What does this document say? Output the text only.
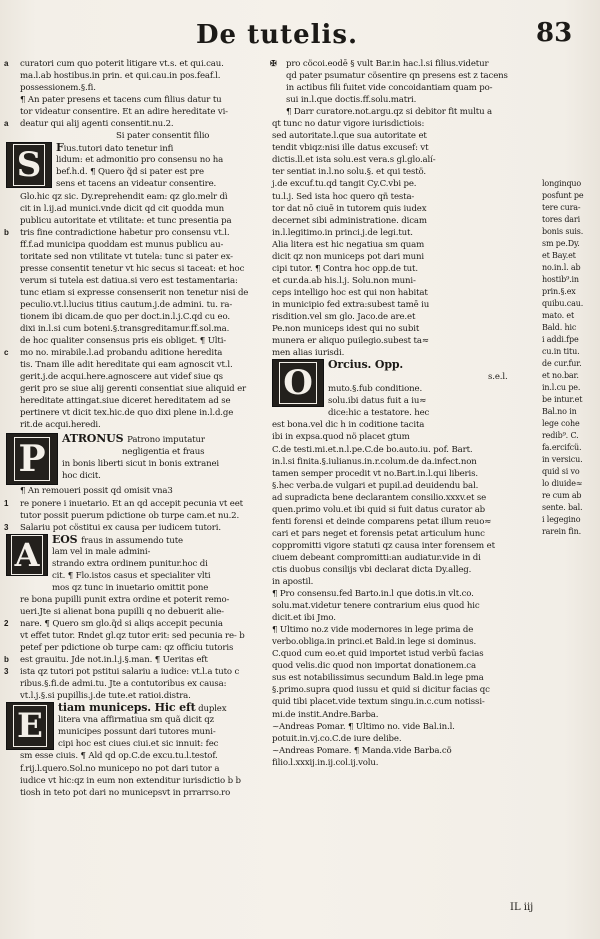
De tutelis.	83
a curatori cum quo poterit litigare vt.s. et qui.cau.
ma.l.ab hostibus.in prin. et qui.cau.in pos.feaf.l.
possessionem.§.fi.
¶ An pater presens et tacens cum filius datur tu
tor videatur consentire. Et an adire hereditate vi-
a deatur qui alij agenti consentit.nu.2.
Si pater consentit filio
S	Fius.tutori dato tenetur infi
lidum: et admonitio pro consensu no ha
bef.h.d. ¶ Quero q̃d si pater est pre
sens et tacens an videatur consentire.
Glo.hic qz sic. Dy.reprehendit eam: qz glo.melr dì
cit in l.ij.ad munici.vnde dicit qd cit quodda mun
publicu autoritate et vtilitate: et tunc presentia pa
b tris fine contradictione habetur pro consensu vt.l.
ff.f.ad municipa quoddam est munus publicu au-
toritate sed non vtilitate vt tutela: tunc si pater ex-
presse consentit tenetur vt hic secus si taceat: et hoc
verum si tutela est datiua.si vero est testamentaria:
tunc etiam si expresse consenserit non tenetur nisi de
peculio.vt.l.lucius titius cautum.j.de admini. tu. ra-
tionem ibi dicam.de quo per doct.in.l.j.C.qd cu eo.
dixi in.l.si cum boteni.§.transgreditamur.ff.sol.ma.
de hoc qualiter consensus pris eis obliget. ¶ Ulti-
c mo no. mirabile.l.ad probandu aditione heredita
tis. Tnam ille adit hereditate qui eam agnoscit vt.l.
gerit.j.de acqui.here.agnoscere aut videf siue qs
gerit pro se siue alij gerenti consentiat siue aliquid er
hereditate attingat.siue diceret hereditatem ad se
pertinere vt dicit tex.hic.de quo dixi plene in.l.d.ge
rit.de acqui.heredi.
P	ATRONUS Patrono imputatur
negligentia et fraus
in bonis liberti sicut in bonis extranei
hoc dicit.
¶ An remoueri possit qd omisit vna3
1 re ponere i inuetario. Et an qd accepit pecunia vt eet
tutor possit puerum pdictione ob turpe cam.et nu.2.
3 Salariu pot cöstitui ex causa per iudicem tutori.
A	EOS fraus in assumendo tute
lam vel in male admini-
strando extra ordinem punitur.hoc di
cit. ¶ Flo.istos casus et specialiter vlti
mos qz tunc in inuetario omittit pone
re bona pupilli punit extra ordine et poterit remo-
ueri.Jte si alienat bona pupilli q no debuerit alie-
2 nare. ¶ Quero sm glo.q̃d si aliqs accepit pecunia
vt effet tutor. Rndet gl.qz tutor erit: sed pecunia re- b
petef per pdictione ob turpe cam: qz officiu tutoris
b est grauitu. Jde not.in.l.j.§.man. ¶ Ueritas eft
3 ista qz tutori pot pstitui salariu a iudice: vt.l.a tuto c
ribus.§.fi.de admi.tu. Jte a contutoribus ex causa:
vt.l.j.§.si pupillis.j.de tute.et ratioi.distra.
E	tiam municeps. Hic eft duplex
litera vna affirmatiua sm quã dicit qz
municipes possunt dari tutores muni-
cipi hoc est ciues ciui.et sic innuit: fec
sm esse ciuis. ¶ Ald qd op.C.de excu.tu.l.testof.
f.rij.l.quero.Sol.no municepo no pot dari tutor a
iudice vt hic:qz in eum non extenditur iurisdictio b b
tiosh in teto pot dari no municepsvt in prrarrso.ro
✠ pro cöcoi.eodē § vult Bar.in hac.l.si filius.videtur
qd pater psumatur cösentire qn presens est z tacens
in actibus fili fuitet vide concoidantiam quam po-
sui in.l.que doctis.ff.solu.matri.
¶ Darr curatore.not.argu.qz si debitor fit multu a
qt tunc no datur vigore iurisdictiois:
sed autoritate.l.que sua autoritate et
tendit vbiqz:nisi ille datus excusef: vt
dictis.ll.et ista solu.est vera.s gl.glo.alí-
ter sentiat in.l.no solu.§. et qui testö.
j.de excuf.tu.qd tangit Cy.C.vbi pe.
tu.l.j. Sed ista hoc quero qñ testa-
tor dat nō ciuē in tutorem quis iudex
decernet sibi administratione. dicam
in.l.legitimo.in princi.j.de legi.tut.
Alia litera est hic negatiua sm quam
dicit qz non municeps pot dari muni
cipi tutor. ¶ Contra hoc opp.de tut.
et cur.da.ab his.l.j. Solu.non muni-
ceps intelligo hoc est qui non habitat
in municipio fed extra:subest tamē iu
risdition.vel sm glo. Jaco.de are.et
Pe.non municeps idest qui no subit
munera er aliquo puilegio.subest ta≈
men alias iurisdi.
O	Orcius. Opp.
s.e.l.
muto.§.fub conditione.
solu.ibi datus fuit a iu≈
dice:hic a testatore. hec
est bona.vel dic h in coditione tacita
ibi in expsa.quod nö placet gtum
C.de testi.mi.et.n.l.pe.C.de bo.auto.iu. pof. Bart.
in.l.si finita.§.iulianus.in.r.colum.de da.infect.non
tamen semper procedit vt no.Bart.in.l.qui liberis.
§.hec verba.de vulgari et pupil.ad deuidendu bal.
ad supradicta bene declarantem consilio.xxxv.et se
quen.primo volu.et ibi quid si fuit datus curator ab
fenti forensi et deinde comparens petat illum reuo≈
cari et pars neget et forensis petat articulum hunc
coppromitti vigore statuti qz causa inter forensem et
ciuem debeant compromitti:an audiatur.vide in di
ctis duobus consilijs vbi declarat dicta Dy.alleg.
in apostil.
¶ Pro consensu.fed Barto.in.l que dotis.in vlt.co.
solu.mat.videtur tenere contrarium eius quod hic
dicit.et ibi Jmo.
¶ Ultimo no.z vide modernores in lege prima de
verbo.obliga.in princi.et Bald.in lege si dominus.
C.quod cum eo.et quid importet istud verbū facias
quod velis.dic quod non importat donationem.ca
sus est notabilissimus secundum Bald.in lege pma
§.primo.supra quod iussu et quid si dicitur facias qc
quid tibi placet.vide textum singu.in.c.cum notissi-
mi.de instit.Andre.Barba.
~Andreas Pomar. ¶ Ultimo no. vide Bal.in.l.
potuit.in.vj.co.C.de iure delibe.
~Andreas Pomare. ¶ Manda.vide Barba.cö
filio.l.xxxij.in.ij.col.ij.volu.
longinquo
posfunt pe
tere cura-
tores dari
bonis suis.
sm pe.Dy.
et Bay.et
no.in.l. ab
hostib⁹.in
prin.§.ex
quibu.cau.
mato. et
Bald. hic
i addi.fpe
cu.in titu.
de cur.fur.
et no.bar.
in.l.cu pe.
be intur.et
Bal.no in
lege cohe
redib⁹. C.
fa.ercifcü.
in versicu.
quid si vo
lo diuide≈
re cum ab
sente. bal.
i legegino
rarein fin.
IL iij
